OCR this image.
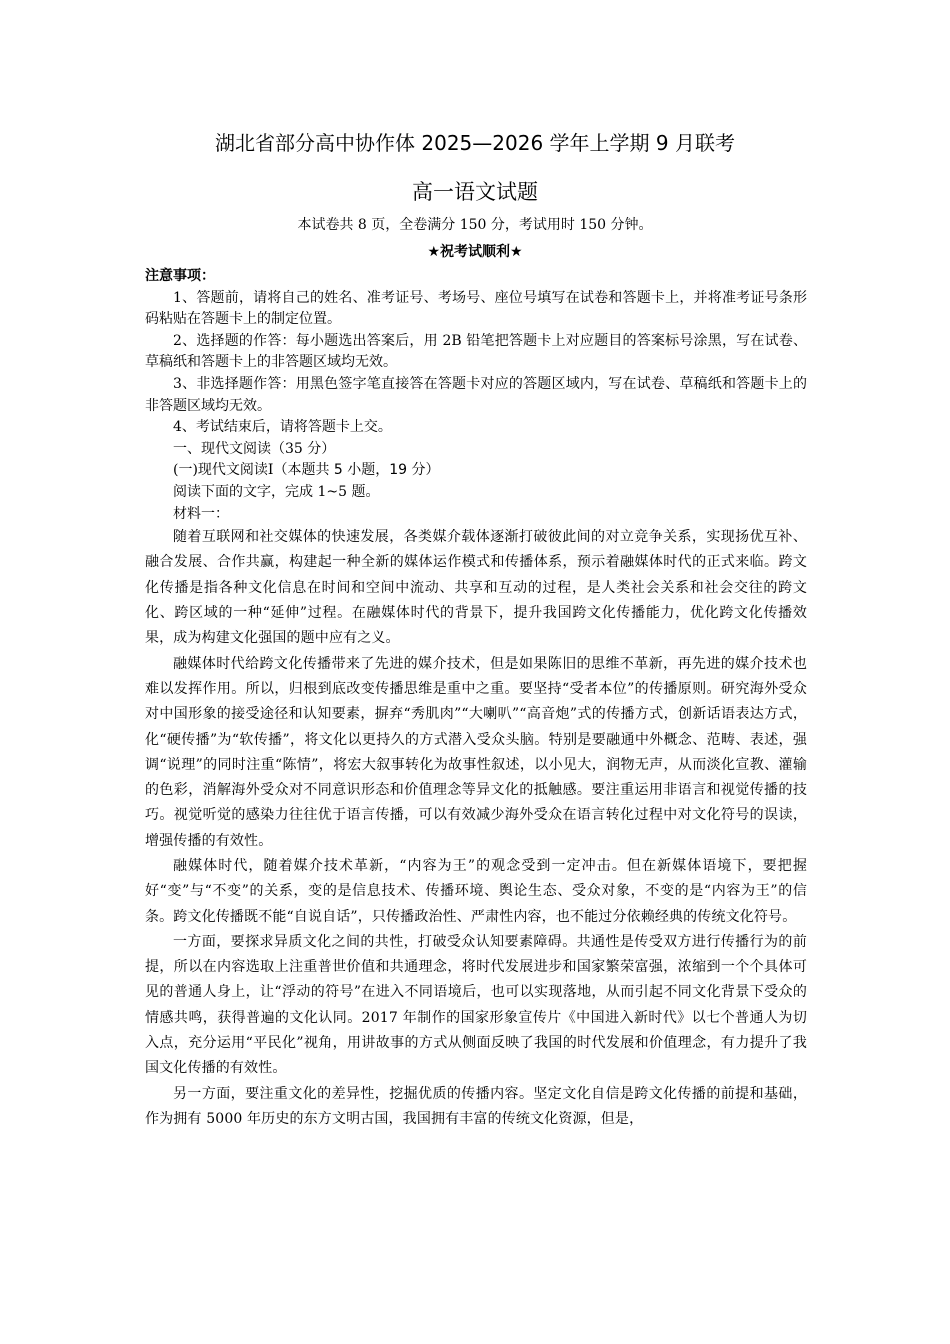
湖北省部分高中协作体 2025—2026 学年上学期 9 月联考
高一语文试题
本试卷共 8 页，全卷满分 150 分，考试用时 150 分钟。
★祝考试顺利★

注意事项：

1、答题前，请将自己的姓名、准考证号、考场号、座位号填写在试卷和答题卡上，并将准考证号条形码粘贴在答题卡上的制定位置。

2、选择题的作答：每小题选出答案后，用 2B 铅笔把答题卡上对应题目的答案标号涂黑，写在试卷、草稿纸和答题卡上的非答题区域均无效。

3、非选择题作答：用黑色签字笔直接答在答题卡对应的答题区域内，写在试卷、草稿纸和答题卡上的非答题区域均无效。

4、考试结束后，请将答题卡上交。

一、现代文阅读（35 分）

(一)现代文阅读Ⅰ（本题共 5 小题，19 分）

阅读下面的文字，完成 1~5 题。

材料一：

随着互联网和社交媒体的快速发展，各类媒介载体逐渐打破彼此间的对立竞争关系，实现扬优互补、融合发展、合作共赢，构建起一种全新的媒体运作模式和传播体系，预示着融媒体时代的正式来临。跨文化传播是指各种文化信息在时间和空间中流动、共享和互动的过程，是人类社会关系和社会交往的跨文化、跨区域的一种“延伸”过程。在融媒体时代的背景下，提升我国跨文化传播能力，优化跨文化传播效果，成为构建文化强国的题中应有之义。

融媒体时代给跨文化传播带来了先进的媒介技术，但是如果陈旧的思维不革新，再先进的媒介技术也难以发挥作用。所以，归根到底改变传播思维是重中之重。要坚持“受者本位”的传播原则。研究海外受众对中国形象的接受途径和认知要素，摒弃“秀肌肉”“大喇叭”“高音炮”式的传播方式，创新话语表达方式，化“硬传播”为“软传播”，将文化以更持久的方式潜入受众头脑。特别是要融通中外概念、范畴、表述，强调“说理”的同时注重“陈情”，将宏大叙事转化为故事性叙述，以小见大，润物无声，从而淡化宣教、灌输的色彩，消解海外受众对不同意识形态和价值理念等异文化的抵触感。要注重运用非语言和视觉传播的技巧。视觉听觉的感染力往往优于语言传播，可以有效减少海外受众在语言转化过程中对文化符号的误读，增强传播的有效性。

融媒体时代，随着媒介技术革新，“内容为王”的观念受到一定冲击。但在新媒体语境下，要把握好“变”与“不变”的关系，变的是信息技术、传播环境、舆论生态、受众对象，不变的是“内容为王”的信条。跨文化传播既不能“自说自话”，只传播政治性、严肃性内容，也不能过分依赖经典的传统文化符号。

一方面，要探求异质文化之间的共性，打破受众认知要素障碍。共通性是传受双方进行传播行为的前提，所以在内容选取上注重普世价值和共通理念，将时代发展进步和国家繁荣富强，浓缩到一个个具体可见的普通人身上，让“浮动的符号”在进入不同语境后，也可以实现落地，从而引起不同文化背景下受众的情感共鸣，获得普遍的文化认同。2017 年制作的国家形象宣传片《中国进入新时代》以七个普通人为切入点，充分运用“平民化”视角，用讲故事的方式从侧面反映了我国的时代发展和价值理念，有力提升了我国文化传播的有效性。

另一方面，要注重文化的差异性，挖掘优质的传播内容。坚定文化自信是跨文化传播的前提和基础，作为拥有 5000 年历史的东方文明古国，我国拥有丰富的传统文化资源，但是，
